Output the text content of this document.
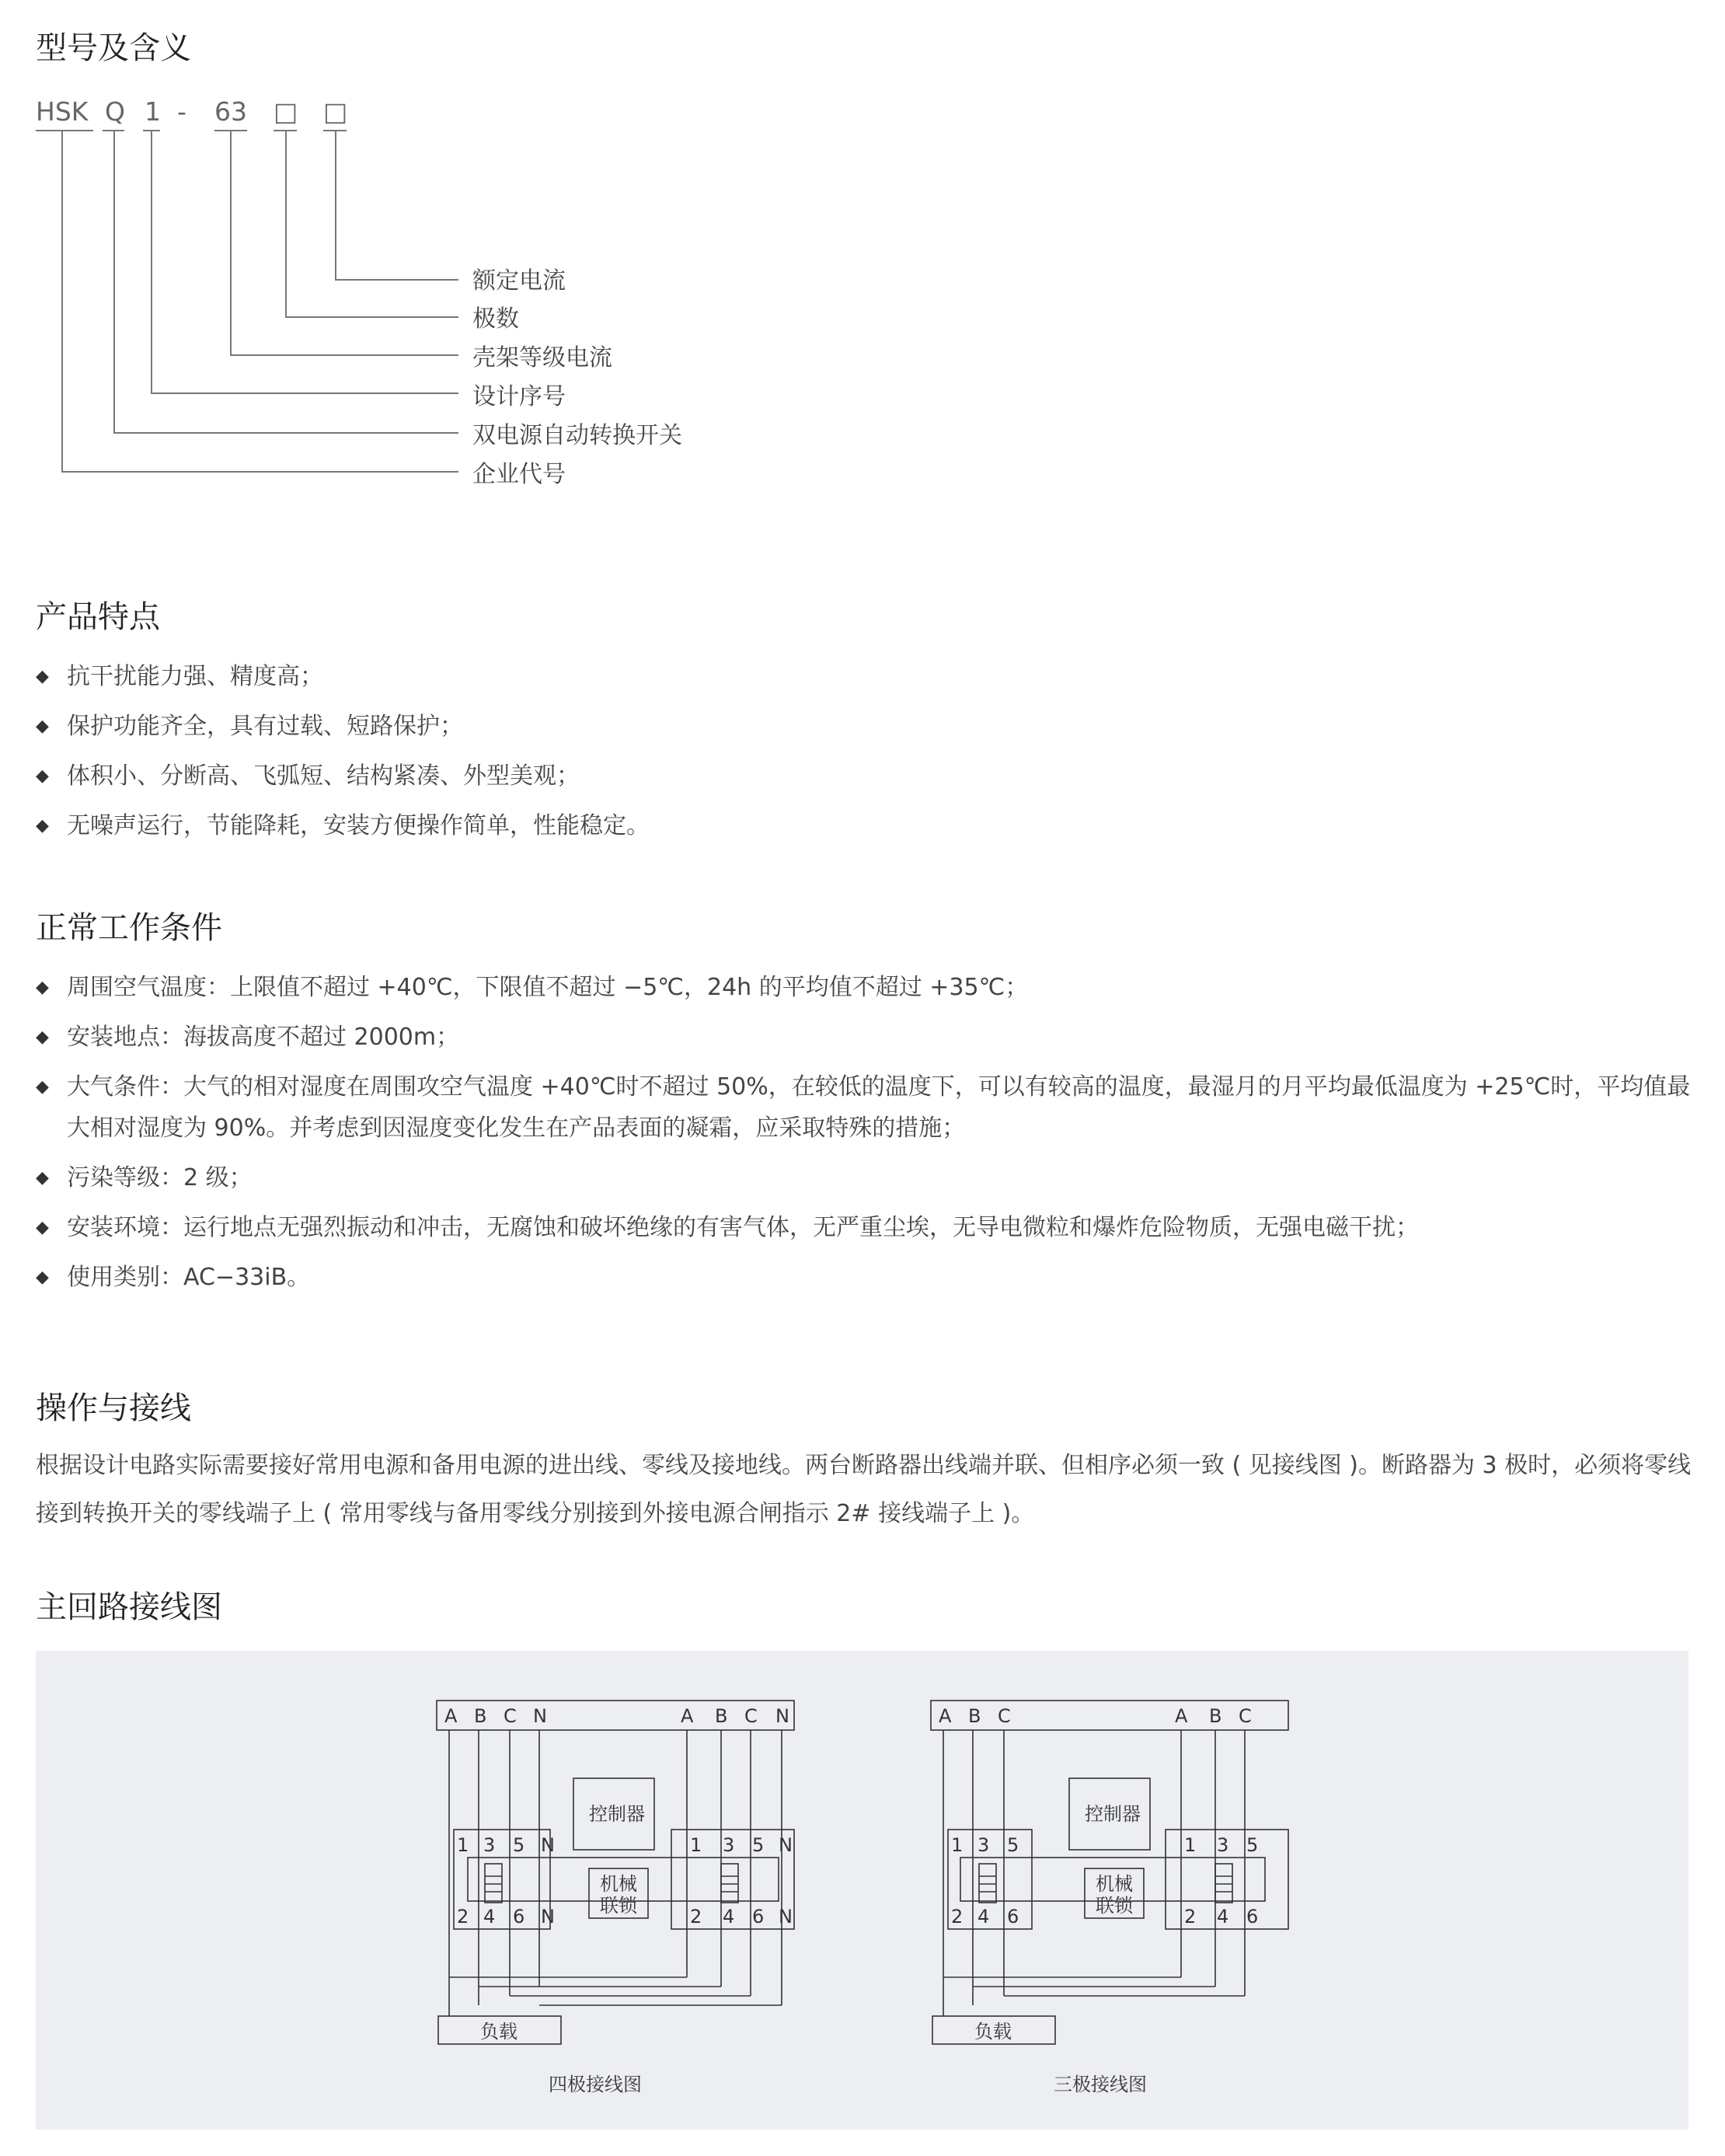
型号及含义
HSK Q 1 - 63 □ □
额定电流
极数
壳架等级电流
设计序号
双电源自动转换开关
企业代号
产品特点
◆ 抗干扰能力强、精度高；
◆ 保护功能齐全，具有过载、短路保护；
◆ 体积小、分断高、飞弧短、结构紧凑、外型美观；
◆ 无噪声运行，节能降耗，安装方便操作简单，性能稳定。
正常工作条件
◆ 周围空气温度：上限值不超过 +40℃，下限值不超过 −5℃，24h 的平均值不超过 +35℃；
◆ 安装地点：海拔高度不超过 2000m；
◆ 大气条件：大气的相对湿度在周围攻空气温度 +40℃时不超过 50%，在较低的温度下，可以有较高的温度，最湿月的月平均最低温度为 +25℃时，平均值最大相对湿度为 90%。并考虑到因湿度变化发生在产品表面的凝霜，应采取特殊的措施；
◆ 污染等级：2 级；
◆ 安装环境：运行地点无强烈振动和冲击，无腐蚀和破坏绝缘的有害气体，无严重尘埃，无导电微粒和爆炸危险物质，无强电磁干扰；
◆ 使用类别：AC−33iB。
操作与接线
根据设计电路实际需要接好常用电源和备用电源的进出线、零线及接地线。两台断路器出线端并联、但相序必须一致 ( 见接线图 )。断路器为 3 极时，必须将零线接到转换开关的零线端子上 ( 常用零线与备用零线分别接到外接电源合闸指示 2# 接线端子上 )。
主回路接线图
A B C N	A B C N
1 3 5 N	1 3 5 N
2 4 6 N	2 4 6 N
控制器
机械
联锁
负载
四极接线图
A B C	A B C
1 3 5	1 3 5
2 4 6	2 4 6
控制器
机械
联锁
负载
三极接线图
